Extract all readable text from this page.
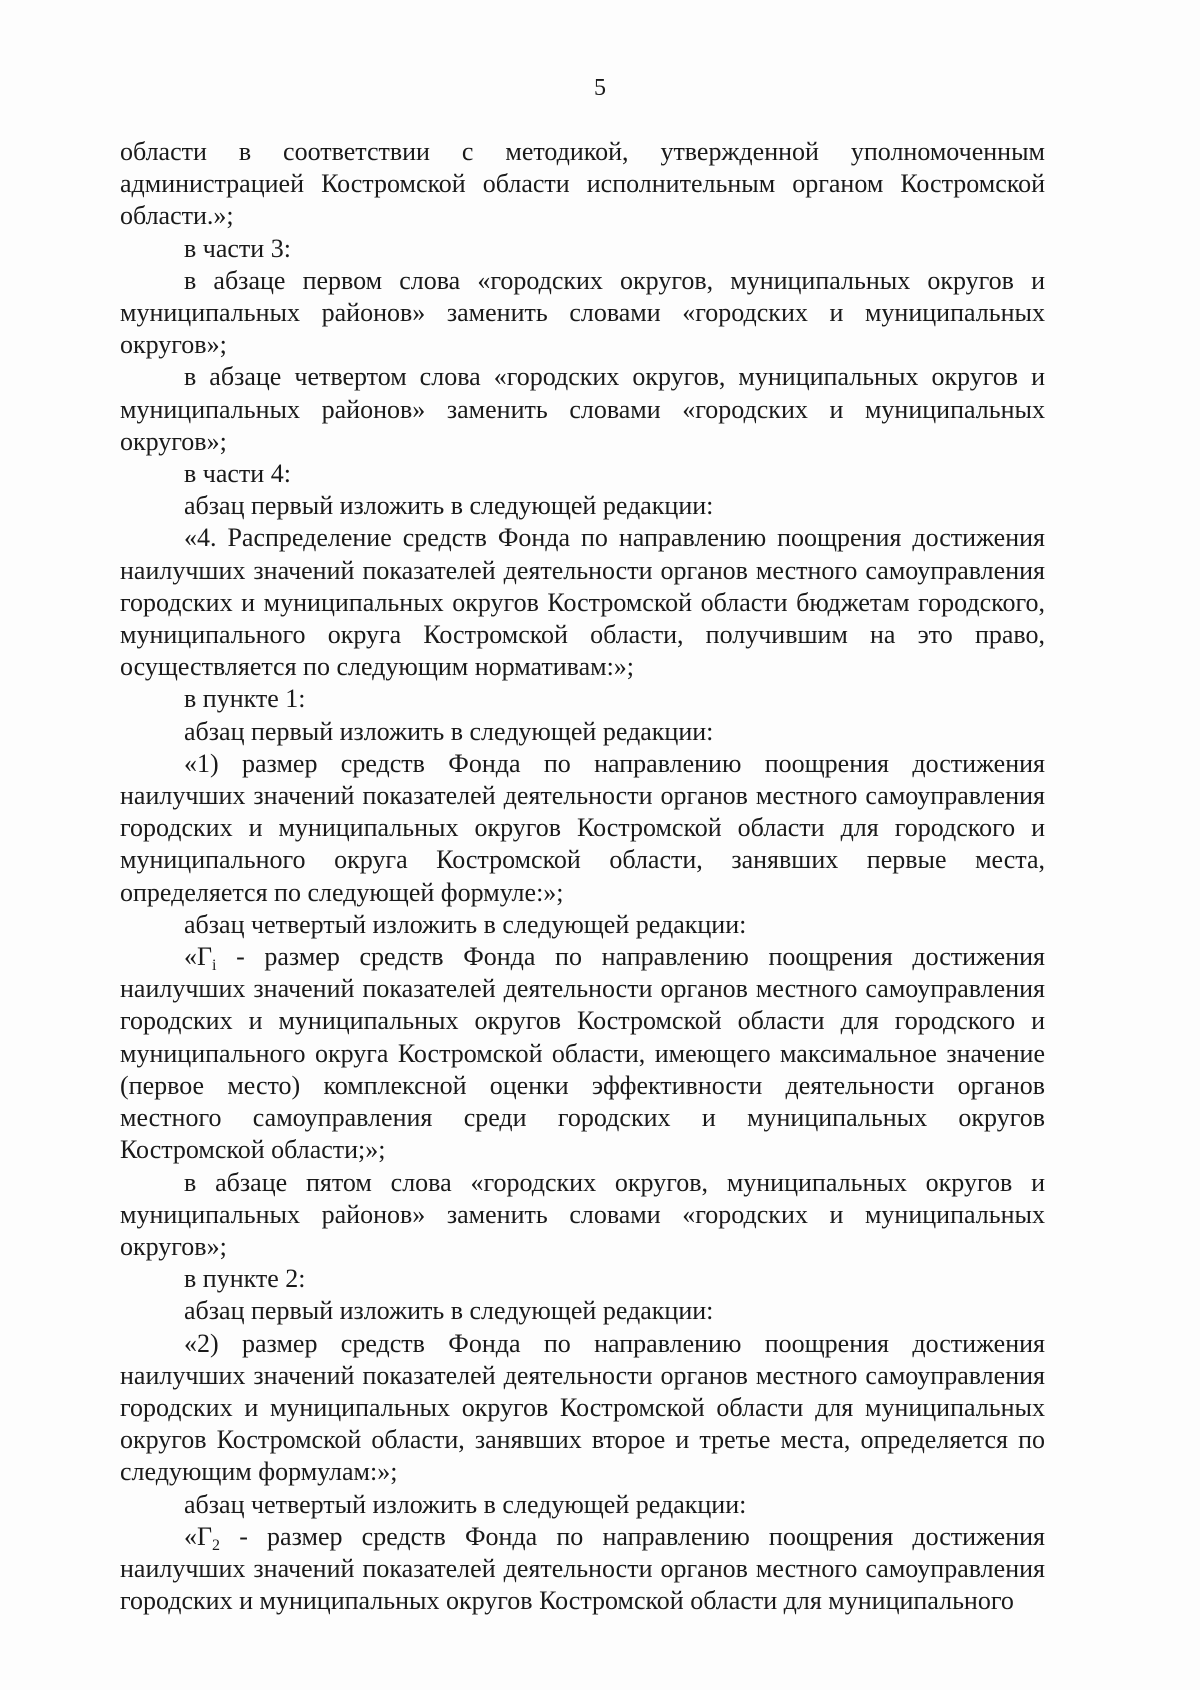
5

области в соответствии с методикой, утвержденной уполномоченным администрацией Костромской области исполнительным органом Костромской области.»;

в части 3:

в абзаце первом слова «городских округов, муниципальных округов и муниципальных районов» заменить словами «городских и муниципальных округов»;

в абзаце четвертом слова «городских округов, муниципальных округов и муниципальных районов» заменить словами «городских и муниципальных округов»;

в части 4:

абзац первый изложить в следующей редакции:

«4. Распределение средств Фонда по направлению поощрения достижения наилучших значений показателей деятельности органов местного самоуправления городских и муниципальных округов Костромской области бюджетам городского, муниципального округа Костромской области, получившим на это право, осуществляется по следующим нормативам:»;

в пункте 1:

абзац первый изложить в следующей редакции:

«1) размер средств Фонда по направлению поощрения достижения наилучших значений показателей деятельности органов местного самоуправления городских и муниципальных округов Костромской области для городского и муниципального округа Костромской области, занявших первые места, определяется по следующей формуле:»;

абзац четвертый изложить в следующей редакции:

«$Г_i$ - размер средств Фонда по направлению поощрения достижения наилучших значений показателей деятельности органов местного самоуправления городских и муниципальных округов Костромской области для городского и муниципального округа Костромской области, имеющего максимальное значение (первое место) комплексной оценки эффективности деятельности органов местного самоуправления среди городских и муниципальных округов Костромской области;»;

в абзаце пятом слова «городских округов, муниципальных округов и муниципальных районов» заменить словами «городских и муниципальных округов»;

в пункте 2:

абзац первый изложить в следующей редакции:

«2) размер средств Фонда по направлению поощрения достижения наилучших значений показателей деятельности органов местного самоуправления городских и муниципальных округов Костромской области для муниципальных округов Костромской области, занявших второе и третье места, определяется по следующим формулам:»;

абзац четвертый изложить в следующей редакции:

«$Г_2$ - размер средств Фонда по направлению поощрения достижения наилучших значений показателей деятельности органов местного самоуправления городских и муниципальных округов Костромской области для муниципального
